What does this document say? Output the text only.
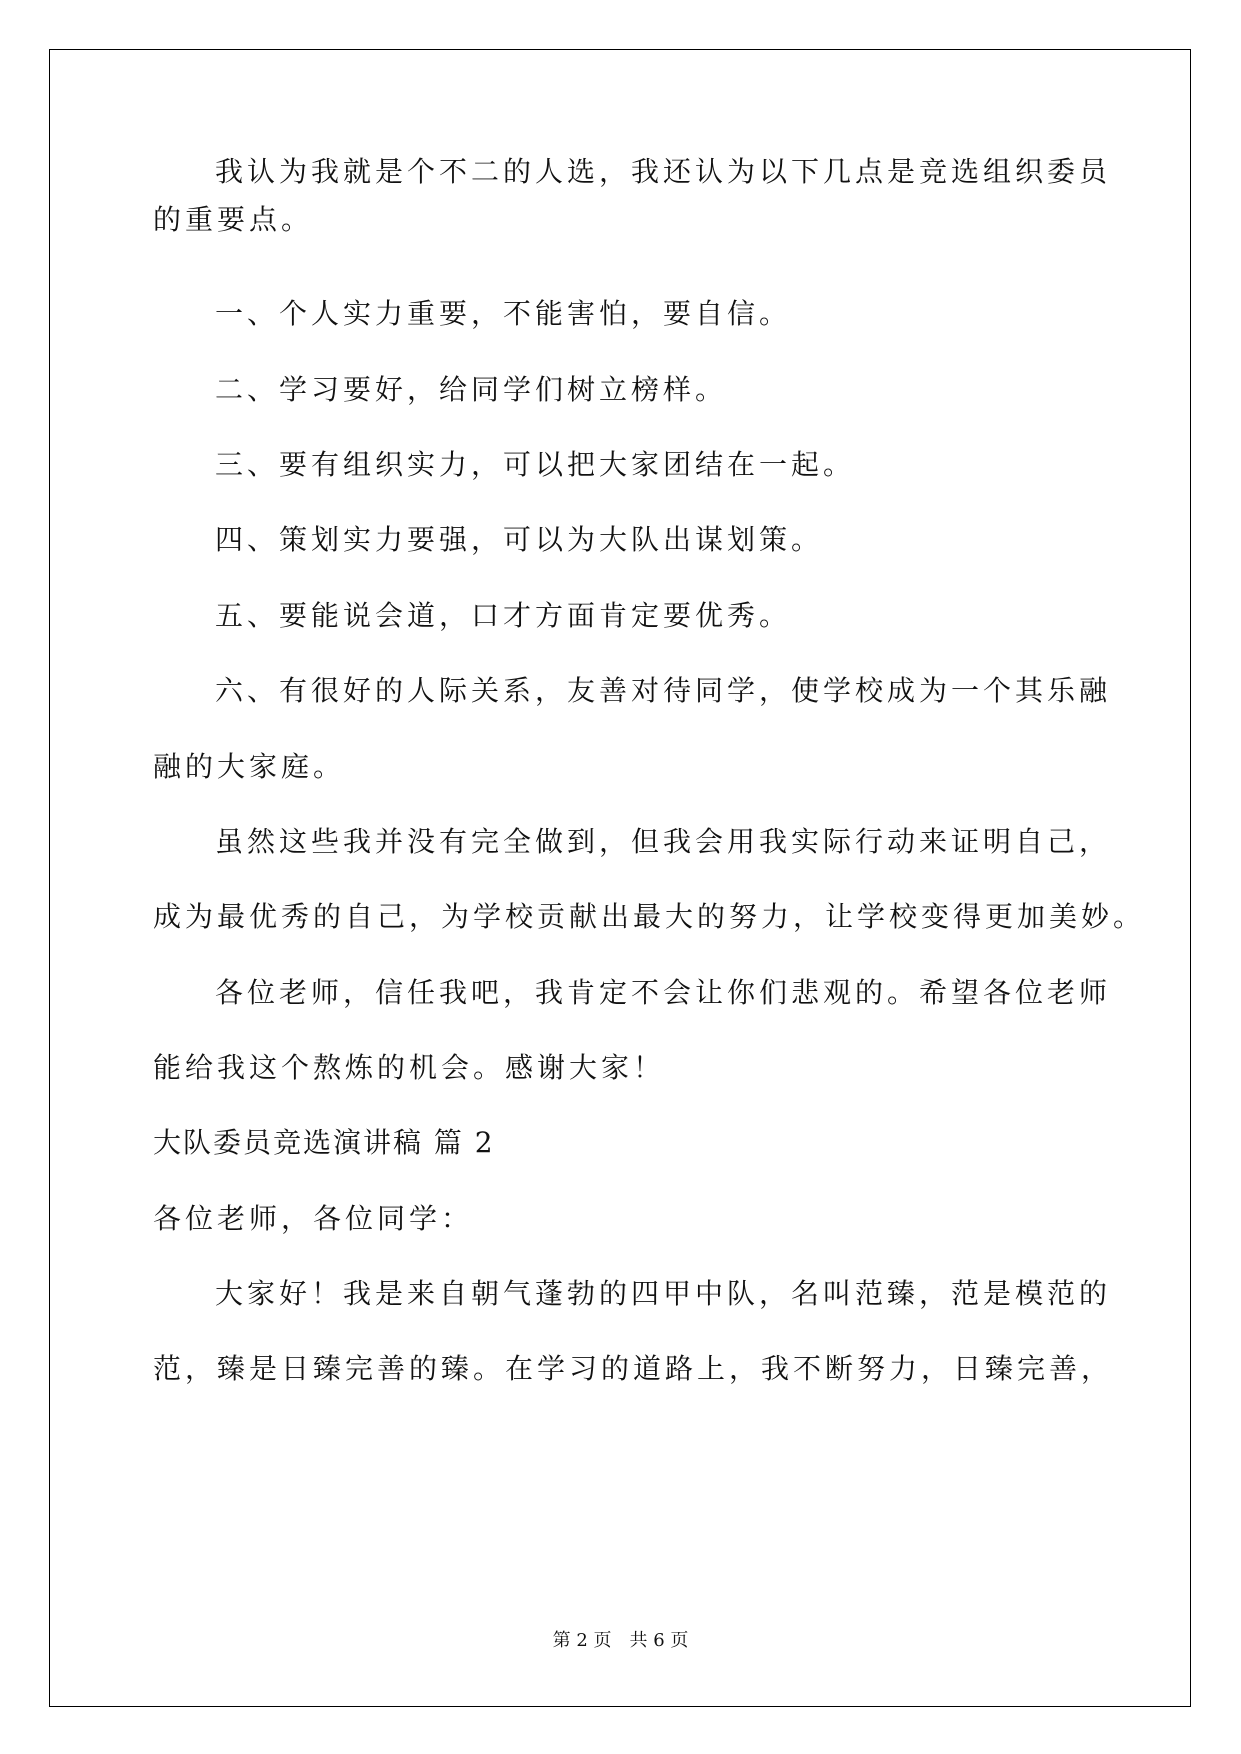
我认为我就是个不二的人选，我还认为以下几点是竞选组织委员
的重要点。
一、个人实力重要，不能害怕，要自信。
二、学习要好，给同学们树立榜样。
三、要有组织实力，可以把大家团结在一起。
四、策划实力要强，可以为大队出谋划策。
五、要能说会道，口才方面肯定要优秀。
六、有很好的人际关系，友善对待同学，使学校成为一个其乐融
融的大家庭。
虽然这些我并没有完全做到，但我会用我实际行动来证明自己，
成为最优秀的自己，为学校贡献出最大的努力，让学校变得更加美妙。
各位老师，信任我吧，我肯定不会让你们悲观的。希望各位老师
能给我这个熬炼的机会。感谢大家！
大队委员竞选演讲稿 篇 2
各位老师，各位同学：
大家好！我是来自朝气蓬勃的四甲中队，名叫范臻，范是模范的
范，臻是日臻完善的臻。在学习的道路上，我不断努力，日臻完善，
第 2 页　共 6 页
